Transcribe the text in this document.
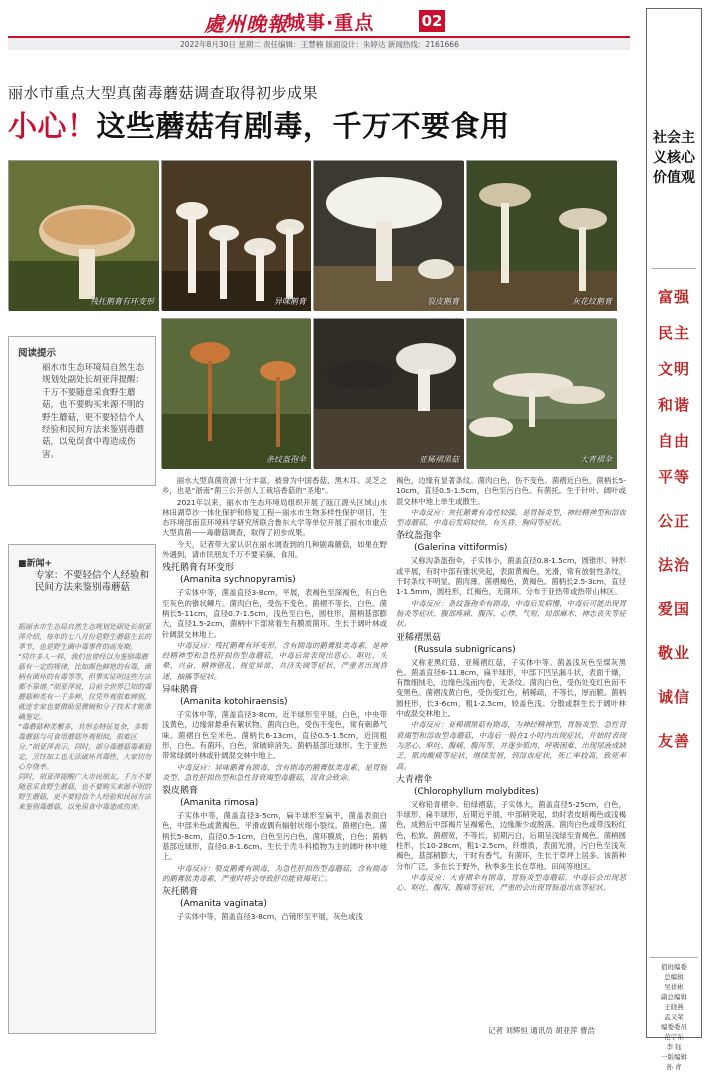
處州晚報
城事·重点	02
2022年8月30日 星期二 责任编辑：王慧楠 版面设计：朱婷达 新闻热线：2161666
丽水市重点大型真菌毒蘑菇调查取得初步成果
小心！这些蘑菇有剧毒，千万不要食用
残托鹅膏有环变形	异味鹅膏	裂皮鹅膏	灰花纹鹅膏
条纹盔孢伞	亚稀褶黑菇	大青褶伞
社会主义核心价值观
富强
民主
文明
和谐
自由
平等
公正
法治
爱国
敬业
诚信
友善
值班编委
总编辑
吴祥彬
副总编辑
王晓燕
孟义荣
编委委员
范宇东
李 钰
一版编辑
孙 青
阅读提示
丽水市生态环境局自然生态规划处副处长胡亚萍提醒：千万不要随意采食野生蘑菇，也不要购买来源不明的野生蘑菇，更不要轻信个人经验和民间方法来鉴别毒蘑菇，以免误食中毒造成伤害。
■新闻+
专家：不要轻信个人经验和民间方法来鉴别毒蘑菇
据丽水市生态局自然生态规划处副处长胡亚萍介绍，每年的七八月份是野生蘑菇生长的季节，也是野生菌中毒事件的高发期。
“同许多人一样，我们也曾经以为鉴别毒蘑菇有一定的规律，比如颜色鲜艳的有毒，菌柄有菌环的有毒等等，但事实证明这些方法都不靠谱。”胡亚萍说，目前全世界已知的毒蘑菇种类有一千多种，仅凭外观很难辨别，就连专家也要借助显微镜和分子技术才能准确鉴定。
“毒蘑菇种类繁多，其形态特征复杂，多数毒蘑菇与可食用蘑菇外观相似，很难区分。”胡亚萍表示，同时，部分毒蘑菇毒素稳定，烹饪加工也无法破坏其毒性，大家切勿心存侥幸。
同时，胡亚萍提醒广大市民朋友，千万不要随意采食野生蘑菇，也不要购买来源不明的野生蘑菇，更不要轻信个人经验和民间方法来鉴别毒蘑菇，以免误食中毒造成伤害。

丽水大型真菌资源十分丰富，被誉为中国香菇、黑木耳、灵芝之乡，也是“浙南”菌三公开创人工栽培香菇的“圣地”。

2021年以来，丽水市生态环境局组织开展了瓯江源头区域山水林田湖草沙一体化保护和修复工程—丽水市生物多样性保护项目，生态环境部南京环境科学研究所联合鲁东大学等单位开展了丽水市重点大型真菌——毒蘑菇调查，取得了初步成果。

今天，记者带大家认识在丽水调查到的几种剧毒蘑菇，如果在野外遇到，请市民朋友千万不要采摘、食用。

残托鹅膏有环变形

(Amanita sychnopyramis)

子实体中等，菌盖直径3-8cm，平展，表褐色至深褐色，有白色至灰色的锥状鳞片。菌肉白色，受伤不变色。菌褶不等长，白色。菌柄长5-11cm，直径0.7-1.5cm，浅色至白色，圆柱形，菌柄基部膨大，直径1.5-2cm，菌柄中下部常着生有膜质菌环。生长于阔叶林或针阔混交林地上。

中毒反应：残托鹅膏有环变形，含有剧毒的鹅膏肽类毒素，是神经精神型和急性肝损伤型毒蘑菇，中毒后常表现出恶心、呕吐、头晕、兴奋、精神错乱、视觉异常、共济失调等症状，严重者出现昏迷，抽搐等症状。

异味鹅膏

(Amanita kotohiraensis)

子实体中等，菌盖直径3-8cm，近半球形至平展，白色，中央带浅黄色，边缘常悬垂有絮状物。菌肉白色，受伤不变色，常有刺鼻气味。菌褶白色至米色。菌柄长6-13cm，直径0.5-1.5cm，近同粗形，白色。有菌环，白色，常破碎消失。菌柄基部近球形。生于亚热带常绿阔叶林或针阔混交林中地上。

中毒反应：异味鹅膏有剧毒，含有剧毒的鹅膏肽类毒素，是胃肠炎型、急性肝损伤型和急性肾衰竭型毒蘑菇，误食会致命。

裂皮鹅膏

(Amanita rimosa)

子实体中等，菌盖直径3-5cm，扁半球形至扁平，菌盖表面白色，中部米色或黄褐色，平滑或偶有辐射状细小裂纹。菌褶白色。菌柄长5-8cm，直径0.5-1cm，白色至污白色，菌环膜质，白色；菌柄基部近球形，直径0.8-1.6cm。生长于壳斗科植物为主的阔叶林中地上。

中毒反应：裂皮鹅膏有剧毒，为急性肝损伤型毒蘑菇，含有剧毒的鹅膏肽类毒素，严重时将会导致肝功能衰竭死亡。

灰托鹅膏

(Amanita vaginata)

子实体中等，菌盖直径3-8cm，凸镜形至平展，灰色或浅

褐色，边缘有显著条纹。菌肉白色，伤不变色。菌褶近白色，菌柄长5-10cm，直径0.5-1.5cm，白色至污白色。有菌托。生于针叶、阔叶或混交林中地上单生或散生。

中毒反应：灰托鹅膏有毒性较强，是胃肠炎型，神经精神型和溶血型毒蘑菇，中毒后发病较快，有头昏、胸闷等症状。

条纹盔孢伞

(Galerina vittiformis)

又称沟条盔孢伞，子实体小，菌盖直径0.8-1.5cm，圆锥形、钟形或平展，有时中部有锥状突起，表面黄褐色，光滑，常有放射性条纹，干时条纹不明显。菌肉薄。菌褶褐色，黄褐色。菌柄长2.5-3cm，直径1-1.5mm，圆柱形，红褐色，无菌环。分布于亚热带或热带山林区。

中毒反应：条纹盔孢伞有剧毒，中毒后发病慢，中毒后可能出现胃肠炎等症状、腹部疼痛、腹泻、心悸、气短、局部麻木、神志丧失等症状。

亚稀褶黑菇

(Russula subnigricans)

又称亚黑红菇、亚稀褶红菇，子实体中等。菌盖浅灰色至煤灰黑色。菌盖直径6-11.8cm，扁半球形，中部下凹呈漏斗状，表面干燥，有微细绒毛，边缘色浅而内卷，无条纹。菌肉白色，受伤处变红色而不变黑色。菌褶浅黄白色，受伤变红色，稍稀疏，不等长，厚而脆。菌柄圆柱形，长3-6cm，粗1-2.5cm，较盖色浅。分散或群生长于阔叶林中或混交林地上。

中毒反应：亚稀褶黑菇有剧毒，为神经精神型，胃肠炎型、急性肾衰竭型和溶血型毒蘑菇，中毒后一般在1小时内出现症状，开始时表现为恶心、呕吐、腹痛、腹泻等，并逐步肌肉、呼吸困难、出现尿液或缺乏，肌肉酸痛等症状，继续发展，到溶血症状，死亡率较高，致死率高。

大青褶伞

(Chlorophyllum molybdites)

又称铅青褶伞、铅绿褶菇，子实体大，菌盖直径5-25cm，白色，半球形、扁半球形，后期近平展，中部稍突起，幼时表皮暗褐色或浅褐色，成熟后中部褐片呈褐紫色，边缘渐少或脱落。菌肉白色或带浅粉红色，松软。菌褶宽，不等长，初期污白，后期呈浅绿至青褐色。菌柄圆柱形，长10-28cm，粗1-2.5cm，纤维质，表面光滑，污白色至浅灰褐色，基部稍膨大，干时有香气。有菌环，生长于草坪上居多。该菌种分布广泛，多在长于野外，秋季多生长在草地、田间等地区。

中毒反应：大青褶伞有剧毒，胃肠炎型毒蘑菇，中毒后会出现恶心、呕吐、腹泻、腹痛等症状，严重的会出现胃肠道出血等症状。

记者 刘辉恒 通讯员 胡亚萍 曹浩
